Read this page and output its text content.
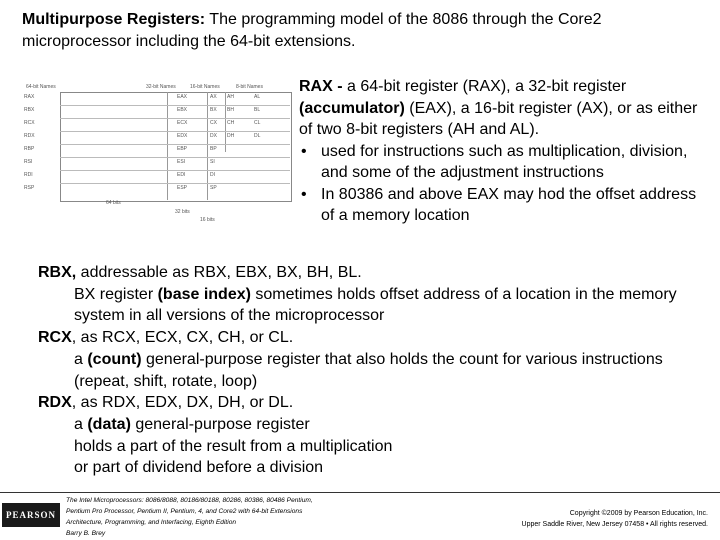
Multipurpose Registers: The programming model of the 8086 through the Core2 microprocessor including the 64-bit extensions.
64-bit Names	32-bit Names	16-bit Names	8-bit Names
RAX	EAX	AX AH	AL
RBX	EBX	BX BH	BL
RCX	ECX	CX CH	CL
RDX	EDX	DX DH	DL
RBP	EBP	BP
RSI	ESI	SI
RDI	EDI	DI
RSP	ESP	SP
64 bits
32 bits
16 bits
RAX - a 64-bit register (RAX), a 32-bit register (accumulator) (EAX), a 16-bit register (AX), or as either of two 8-bit registers (AH and AL).
• used for instructions such as multiplication, division, and some of the adjustment instructions
• In 80386 and above EAX may hod the offset address of a memory location
RBX, addressable as RBX, EBX, BX, BH, BL.
BX register (base index) sometimes holds offset address of a location in the memory system in all versions of the microprocessor
RCX, as RCX, ECX, CX, CH, or CL.
a (count) general-purpose register that also holds the count for various instructions (repeat, shift, rotate, loop)
RDX, as RDX, EDX, DX, DH, or DL.
a (data) general-purpose register
holds a part of the result from a multiplication
or part of dividend before a division
PEARSON
The Intel Microprocessors: 8086/8088, 80186/80188, 80286, 80386, 80486 Pentium,
Pentium Pro Processor, Pentium II, Pentium, 4, and Core2 with 64-bit Extensions
Architecture, Programming, and Interfacing, Eighth Edition
Barry B. Brey
Copyright ©2009 by Pearson Education, Inc.
Upper Saddle River, New Jersey 07458 • All rights reserved.
